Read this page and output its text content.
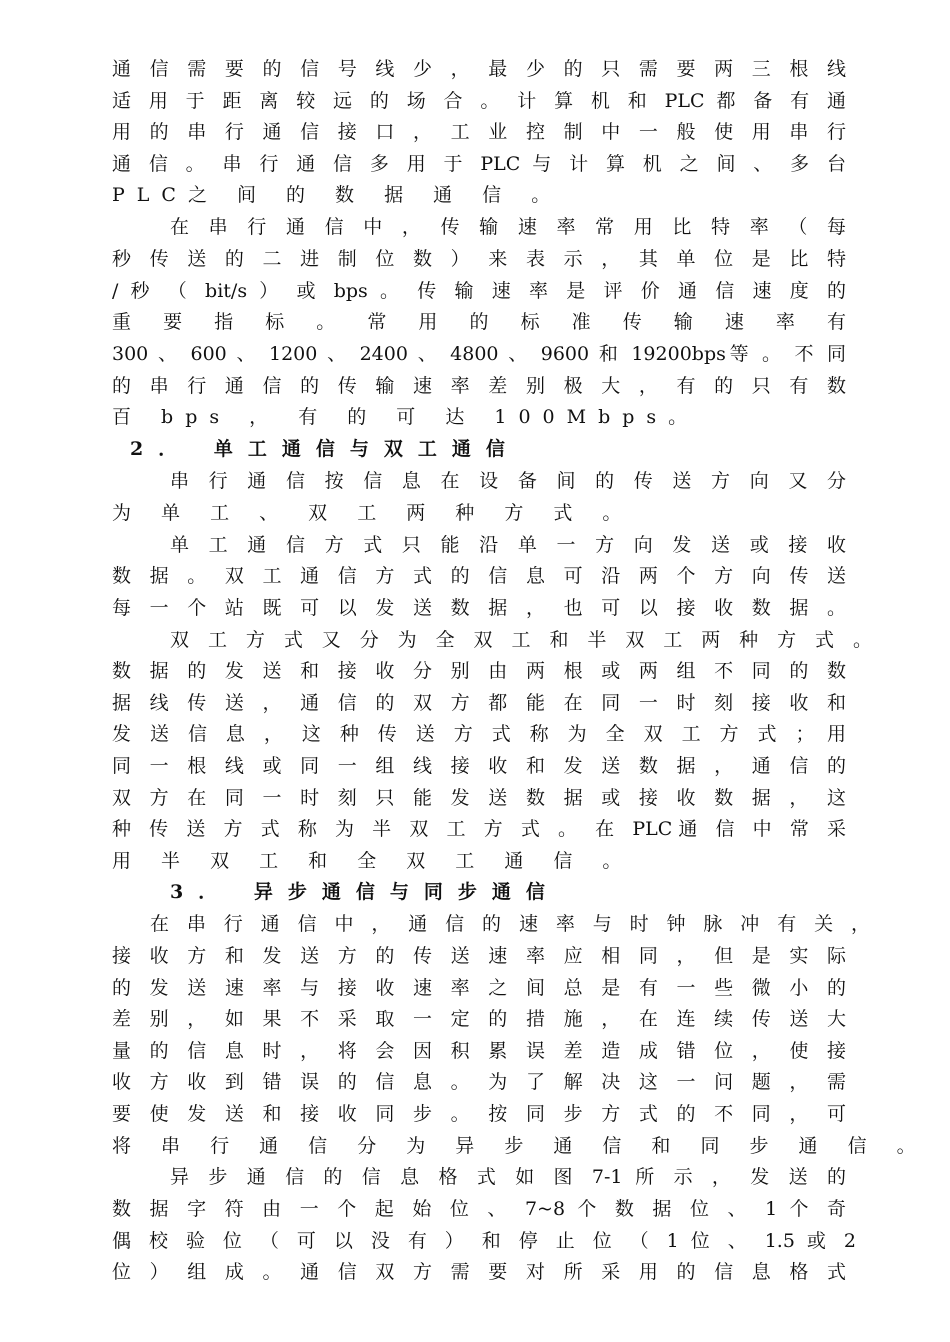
通 信 需 要 的 信 号 线 少 ， 最 少 的 只 需 要 两 三 根 线
适 用 于 距 离 较 远 的 场 合 。 计 算 机 和 PLC 都 备 有 通
用 的 串 行 通 信 接 口 ， 工 业 控 制 中 一 般 使 用 串 行
通 信 。 串 行 通 信 多 用 于 PLC 与 计 算 机 之 间 、 多 台
PLC之 间 的 数 据 通 信 。
在 串 行 通 信 中 ， 传 输 速 率 常 用 比 特 率 （ 每
秒 传 送 的 二 进 制 位 数 ） 来 表 示 ， 其 单 位 是 比 特
/ 秒 （ bit/s ） 或 bps 。 传 输 速 率 是 评 价 通 信 速 度 的
重 要 指 标 。 常 用 的 标 准 传 输 速 率 有
300 、 600 、 1200 、 2400 、 4800 、 9600 和 19200bps等 。 不 同
的 串 行 通 信 的 传 输 速 率 差 别 极 大 ， 有 的 只 有 数
百 bps ， 有 的 可 达 100Mbps。
2． 单工通信与双工通信
串 行 通 信 按 信 息 在 设 备 间 的 传 送 方 向 又 分
为 单 工 、 双 工 两 种 方 式 。
单 工 通 信 方 式 只 能 沿 单 一 方 向 发 送 或 接 收
数 据 。 双 工 通 信 方 式 的 信 息 可 沿 两 个 方 向 传 送
每 一 个 站 既 可 以 发 送 数 据 ， 也 可 以 接 收 数 据 。
双 工 方 式 又 分 为 全 双 工 和 半 双 工 两 种 方 式 。
数 据 的 发 送 和 接 收 分 别 由 两 根 或 两 组 不 同 的 数
据 线 传 送 ， 通 信 的 双 方 都 能 在 同 一 时 刻 接 收 和
发 送 信 息 ， 这 种 传 送 方 式 称 为 全 双 工 方 式 ； 用
同 一 根 线 或 同 一 组 线 接 收 和 发 送 数 据 ， 通 信 的
双 方 在 同 一 时 刻 只 能 发 送 数 据 或 接 收 数 据 ， 这
种 传 送 方 式 称 为 半 双 工 方 式 。 在 PLC通 信 中 常 采
用 半 双 工 和 全 双 工 通 信 。
3． 异步通信与同步通信
在 串 行 通 信 中 ， 通 信 的 速 率 与 时 钟 脉 冲 有 关 ，
接 收 方 和 发 送 方 的 传 送 速 率 应 相 同 ， 但 是 实 际
的 发 送 速 率 与 接 收 速 率 之 间 总 是 有 一 些 微 小 的
差 别 ， 如 果 不 采 取 一 定 的 措 施 ， 在 连 续 传 送 大
量 的 信 息 时 ， 将 会 因 积 累 误 差 造 成 错 位 ， 使 接
收 方 收 到 错 误 的 信 息 。 为 了 解 决 这 一 问 题 ， 需
要 使 发 送 和 接 收 同 步 。 按 同 步 方 式 的 不 同 ， 可
将 串 行 通 信 分 为 异 步 通 信 和 同 步 通 信 。
异 步 通 信 的 信 息 格 式 如 图 7-1 所 示 ， 发 送 的
数 据 字 符 由 一 个 起 始 位 、 7~8 个 数 据 位 、 1 个 奇
偶 校 验 位 （ 可 以 没 有 ） 和 停 止 位 （ 1 位 、 1.5 或 2
位 ） 组 成 。 通 信 双 方 需 要 对 所 采 用 的 信 息 格 式
